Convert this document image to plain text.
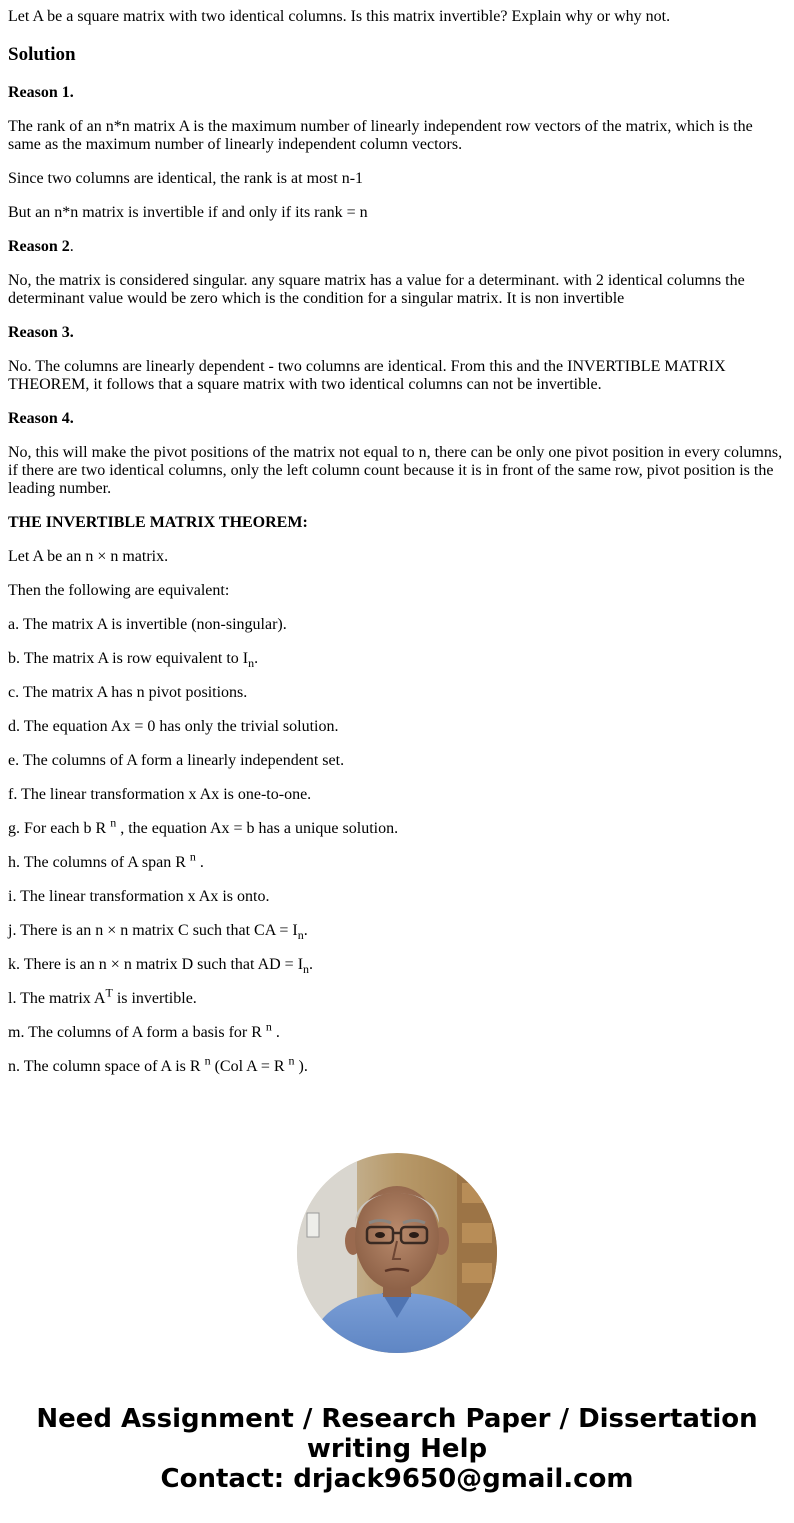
Let A be a square matrix with two identical columns. Is this matrix invertible? Explain why or why not.

Solution

Reason 1.

The rank of an n*n matrix A is the maximum number of linearly independent row vectors of the matrix, which is the same as the maximum number of linearly independent column vectors.

Since two columns are identical, the rank is at most n-1

But an n*n matrix is invertible if and only if its rank = n

Reason 2.

No, the matrix is considered singular. any square matrix has a value for a determinant. with 2 identical columns the determinant value would be zero which is the condition for a singular matrix. It is non invertible

Reason 3.

No. The columns are linearly dependent - two columns are identical. From this and the INVERTIBLE MATRIX THEOREM, it follows that a square matrix with two identical columns can not be invertible.

Reason 4.

No, this will make the pivot positions of the matrix not equal to n, there can be only one pivot position in every columns, if there are two identical columns, only the left column count because it is in front of the same row, pivot position is the leading number.

THE INVERTIBLE MATRIX THEOREM:

Let A be an n × n matrix.

Then the following are equivalent:

a. The matrix A is invertible (non-singular).

b. The matrix A is row equivalent to $I_n$.

c. The matrix A has n pivot positions.

d. The equation Ax = 0 has only the trivial solution.

e. The columns of A form a linearly independent set.

f. The linear transformation x Ax is one-to-one.

g. For each b R $^n$ , the equation Ax = b has a unique solution.

h. The columns of A span R $^n$ .

i. The linear transformation x Ax is onto.

j. There is an n × n matrix C such that CA = $I_n$.

k. There is an n × n matrix D such that AD = $I_n$.

l. The matrix $A^T$ is invertible.

m. The columns of A form a basis for R $^n$ .

n. The column space of A is R $^n$ (Col A = R $^n$ ).

Need Assignment / Research Paper / Dissertation
writing Help
Contact: drjack9650@gmail.com
